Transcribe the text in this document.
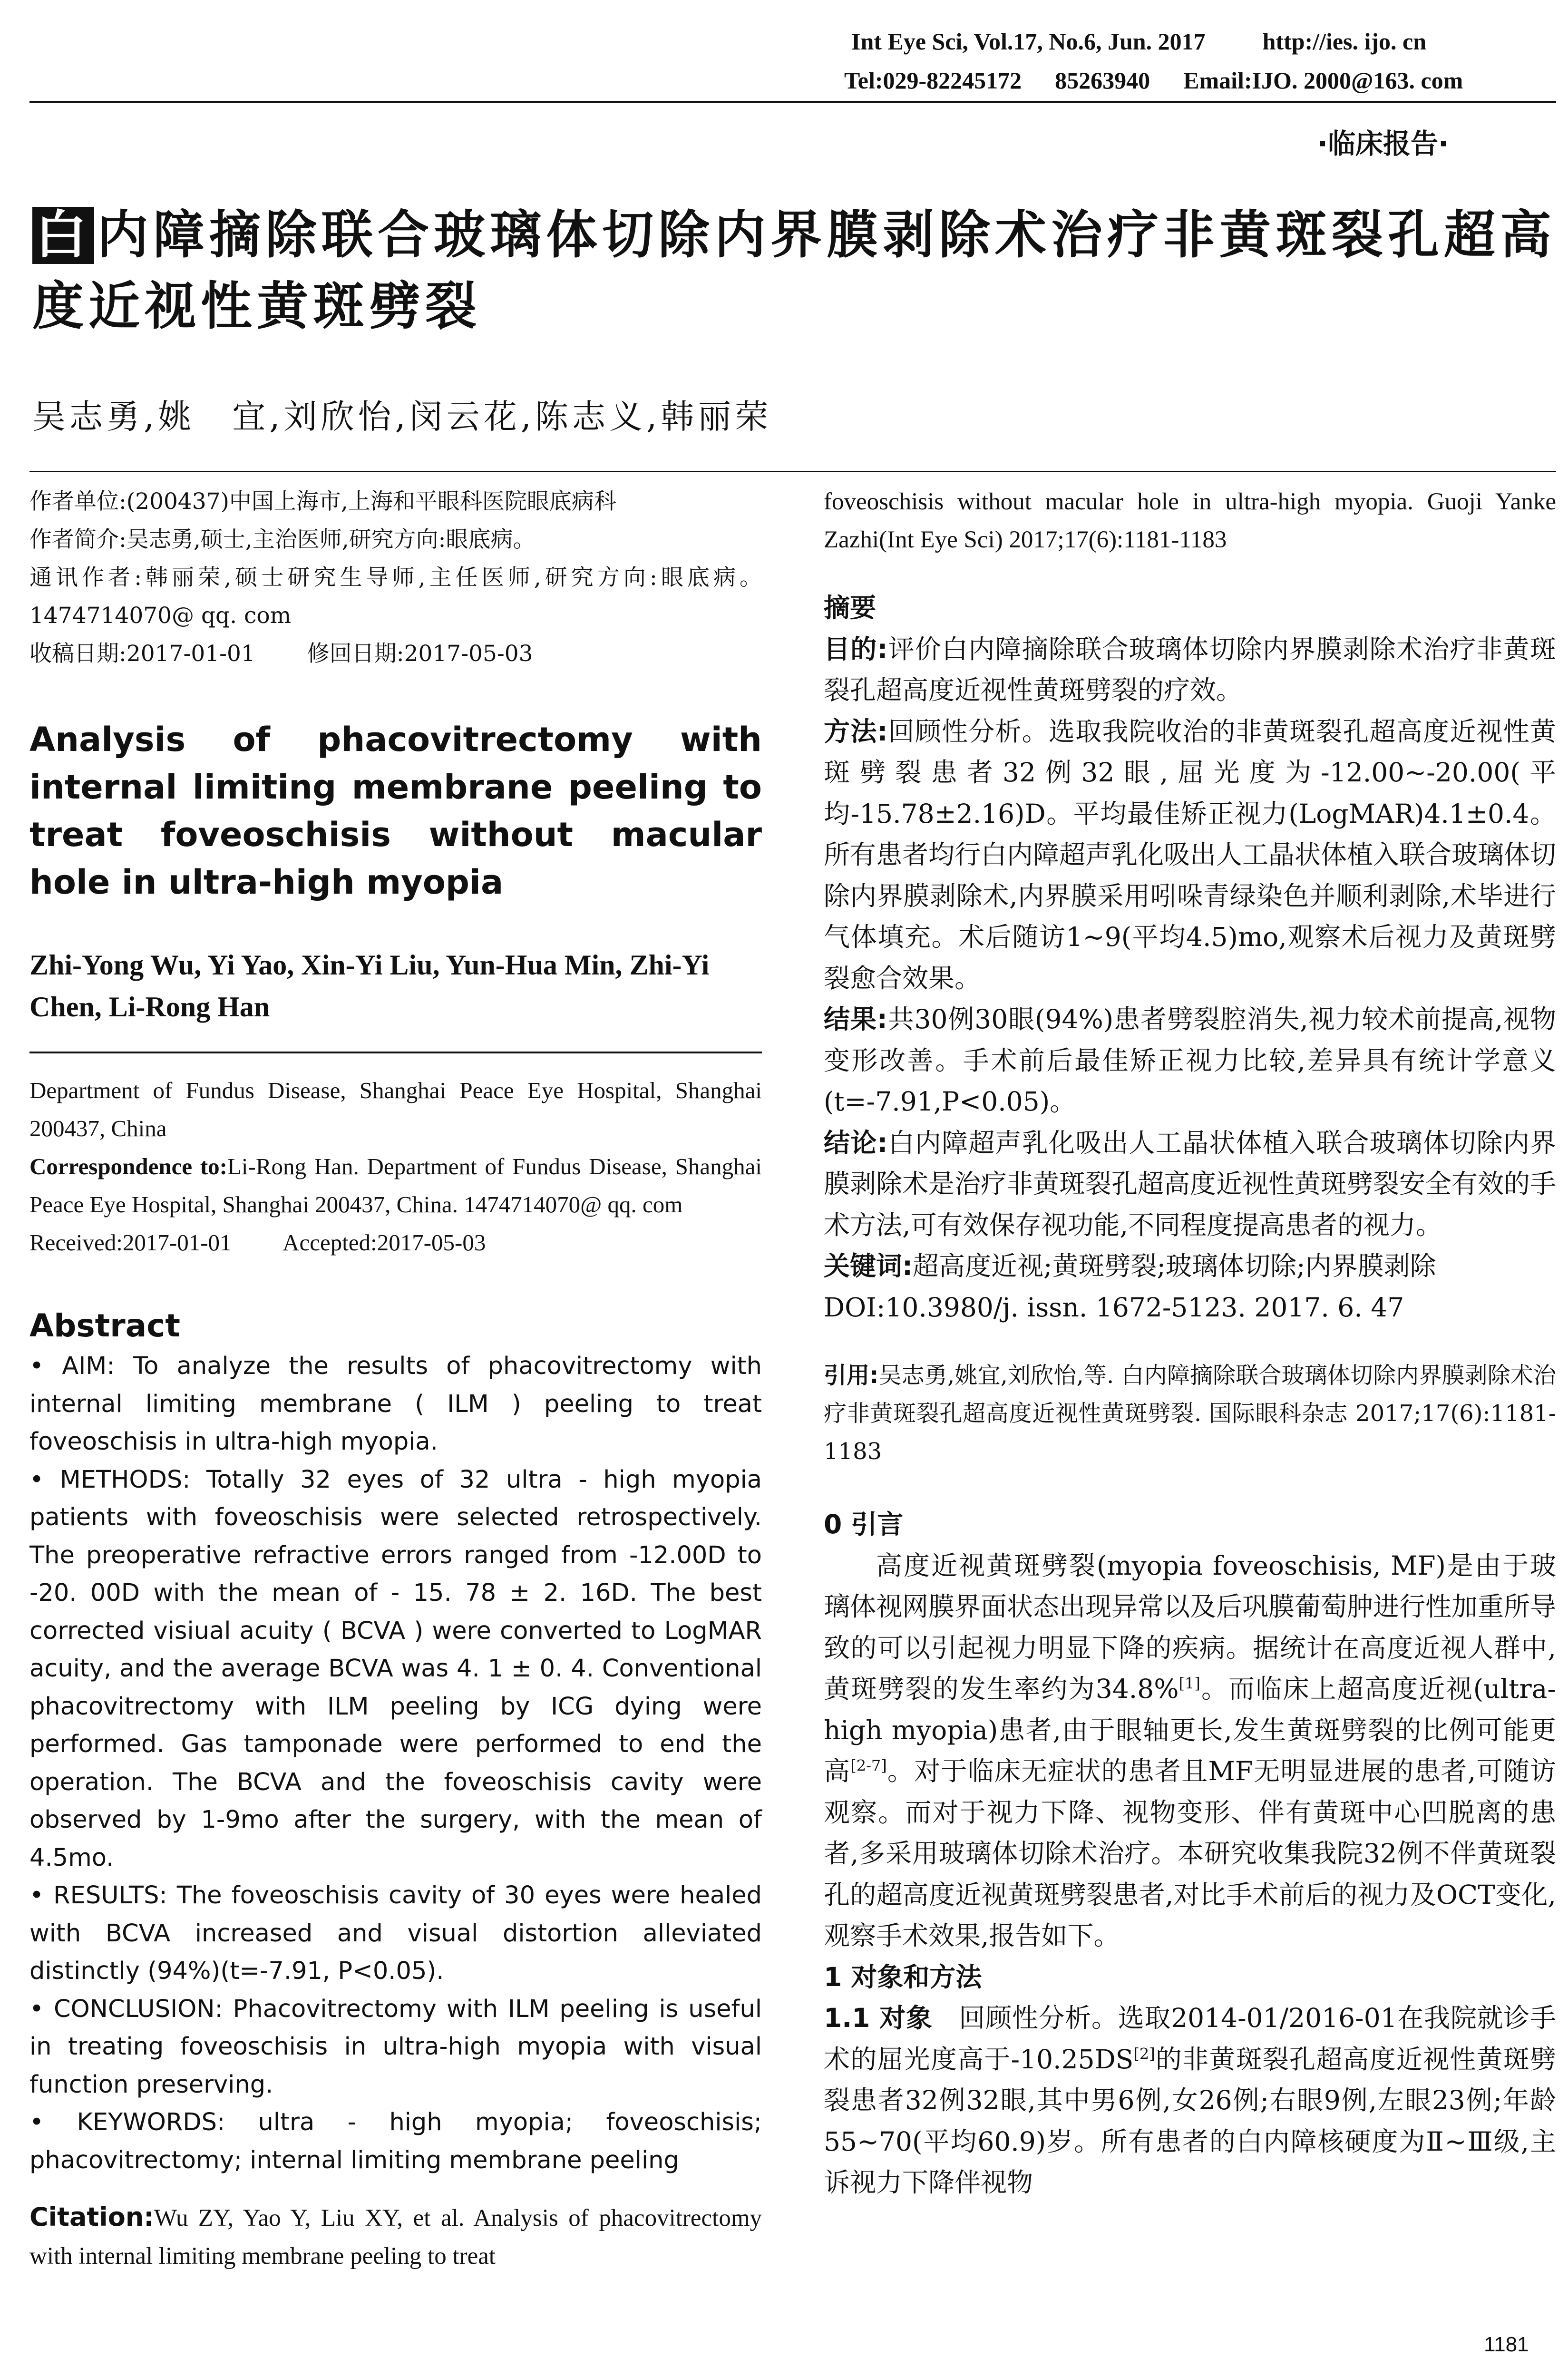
Int Eye Sci, Vol.17, No.6, Jun. 2017 http://ies. ijo. cn
Tel:029-82245172 85263940 Email:IJO. 2000@163. com
·临床报告·
白 内障摘除联合玻璃体切除内界膜剥除术治疗非黄斑裂孔超高度近视性黄斑劈裂
吴志勇,姚　宜,刘欣怡,闵云花,陈志义,韩丽荣

作者单位:(200437)中国上海市,上海和平眼科医院眼底病科

作者简介:吴志勇,硕士,主治医师,研究方向:眼底病。

通讯作者:韩丽荣,硕士研究生导师,主任医师,研究方向:眼底病。1474714070@ qq. com

收稿日期:2017-01-01　　 修回日期:2017-05-03

Analysis of phacovitrectomy with internal limiting membrane peeling to treat foveoschisis without macular hole in ultra-high myopia
Zhi-Yong Wu, Yi Yao, Xin-Yi Liu, Yun-Hua Min, Zhi-Yi Chen, Li-Rong Han

Department of Fundus Disease, Shanghai Peace Eye Hospital, Shanghai 200437, China

Correspondence to:Li-Rong Han. Department of Fundus Disease, Shanghai Peace Eye Hospital, Shanghai 200437, China. 1474714070@ qq. com

Received:2017-01-01　　 Accepted:2017-05-03

Abstract

• AIM: To analyze the results of phacovitrectomy with internal limiting membrane ( ILM ) peeling to treat foveoschisis in ultra-high myopia.

• METHODS: Totally 32 eyes of 32 ultra - high myopia patients with foveoschisis were selected retrospectively. The preoperative refractive errors ranged from -12.00D to -20. 00D with the mean of - 15. 78 ± 2. 16D. The best corrected visiual acuity ( BCVA ) were converted to LogMAR acuity, and the average BCVA was 4. 1 ± 0. 4. Conventional phacovitrectomy with ILM peeling by ICG dying were performed. Gas tamponade were performed to end the operation. The BCVA and the foveoschisis cavity were observed by 1-9mo after the surgery, with the mean of 4.5mo.

• RESULTS: The foveoschisis cavity of 30 eyes were healed with BCVA increased and visual distortion alleviated distinctly (94%)(t=-7.91, P<0.05).

• CONCLUSION: Phacovitrectomy with ILM peeling is useful in treating foveoschisis in ultra-high myopia with visual function preserving.

• KEYWORDS: ultra - high myopia; foveoschisis; phacovitrectomy; internal limiting membrane peeling

Citation:Wu ZY, Yao Y, Liu XY, et al. Analysis of phacovitrectomy with internal limiting membrane peeling to treat
foveoschisis without macular hole in ultra-high myopia. Guoji Yanke Zazhi(Int Eye Sci) 2017;17(6):1181-1183

摘要

目的:评价白内障摘除联合玻璃体切除内界膜剥除术治疗非黄斑裂孔超高度近视性黄斑劈裂的疗效。

方法:回顾性分析。选取我院收治的非黄斑裂孔超高度近视性黄斑劈裂患者32例32眼,屈光度为-12.00~-20.00(平均-15.78±2.16)D。平均最佳矫正视力(LogMAR)4.1±0.4。所有患者均行白内障超声乳化吸出人工晶状体植入联合玻璃体切除内界膜剥除术,内界膜采用吲哚青绿染色并顺利剥除,术毕进行气体填充。术后随访1~9(平均4.5)mo,观察术后视力及黄斑劈裂愈合效果。

结果:共30例30眼(94%)患者劈裂腔消失,视力较术前提高,视物变形改善。手术前后最佳矫正视力比较,差异具有统计学意义(t=-7.91,P<0.05)。

结论:白内障超声乳化吸出人工晶状体植入联合玻璃体切除内界膜剥除术是治疗非黄斑裂孔超高度近视性黄斑劈裂安全有效的手术方法,可有效保存视功能,不同程度提高患者的视力。

关键词:超高度近视;黄斑劈裂;玻璃体切除;内界膜剥除

DOI:10.3980/j. issn. 1672-5123. 2017. 6. 47

引用:吴志勇,姚宜,刘欣怡,等. 白内障摘除联合玻璃体切除内界膜剥除术治疗非黄斑裂孔超高度近视性黄斑劈裂. 国际眼科杂志 2017;17(6):1181-1183

0 引言

高度近视黄斑劈裂(myopia foveoschisis, MF)是由于玻璃体视网膜界面状态出现异常以及后巩膜葡萄肿进行性加重所导致的可以引起视力明显下降的疾病。据统计在高度近视人群中,黄斑劈裂的发生率约为34.8%[1]。而临床上超高度近视(ultra-high myopia)患者,由于眼轴更长,发生黄斑劈裂的比例可能更高[2-7]。对于临床无症状的患者且MF无明显进展的患者,可随访观察。而对于视力下降、视物变形、伴有黄斑中心凹脱离的患者,多采用玻璃体切除术治疗。本研究收集我院32例不伴黄斑裂孔的超高度近视黄斑劈裂患者,对比手术前后的视力及OCT变化,观察手术效果,报告如下。

1 对象和方法

1.1 对象　回顾性分析。选取2014-01/2016-01在我院就诊手术的屈光度高于-10.25DS[2]的非黄斑裂孔超高度近视性黄斑劈裂患者32例32眼,其中男6例,女26例;右眼9例,左眼23例;年龄55~70(平均60.9)岁。所有患者的白内障核硬度为Ⅱ~Ⅲ级,主诉视力下降伴视物

1181
